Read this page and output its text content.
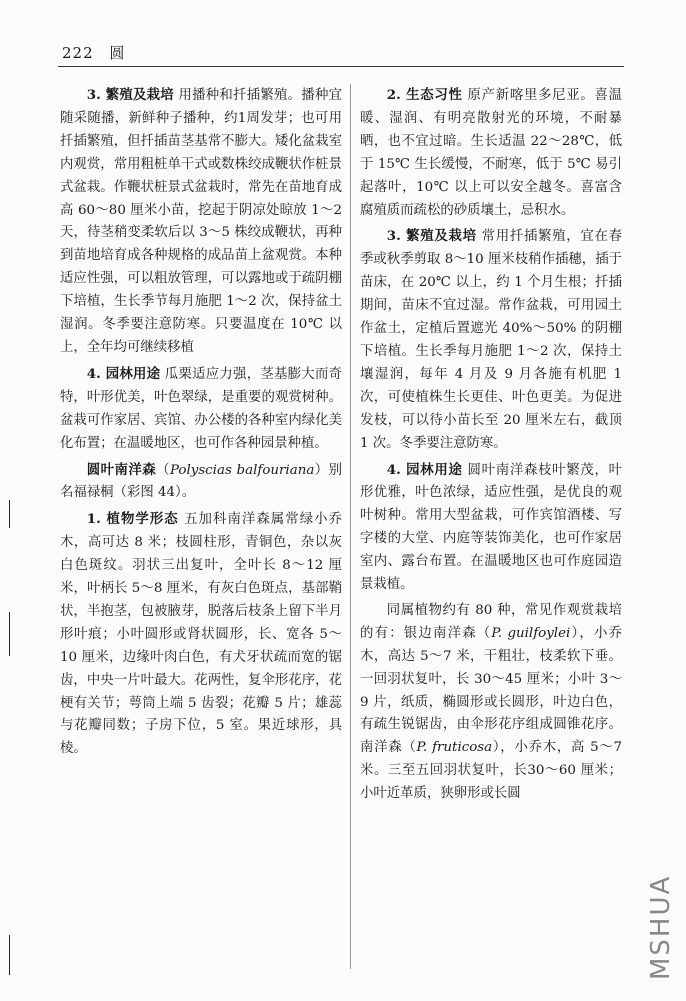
222 圆

3. 繁殖及栽培 用播种和扦插繁殖。播种宜随采随播，新鲜种子播种，约1周发芽；也可用扦插繁殖，但扦插苗茎基常不膨大。矮化盆栽室内观赏，常用粗桩单干式或数株绞成鞭状作桩景式盆栽。作鞭状桩景式盆栽时，常先在苗地育成高 60～80 厘米小苗，挖起于阴凉处晾放 1～2 天，待茎稍变柔软后以 3～5 株绞成鞭状，再种到苗地培育成各种规格的成品苗上盆观赏。本种适应性强，可以粗放管理，可以露地或于疏阴棚下培植，生长季节每月施肥 1～2 次，保持盆土湿润。冬季要注意防寒。只要温度在 10℃ 以上，全年均可继续移植

4. 园林用途 瓜栗适应力强，茎基膨大而奇特，叶形优美，叶色翠绿，是重要的观赏树种。盆栽可作家居、宾馆、办公楼的各种室内绿化美化布置；在温暖地区，也可作各种园景种植。

圆叶南洋森（Polyscias balfouriana）别名福禄桐（彩图 44）。

1. 植物学形态 五加科南洋森属常绿小乔木，高可达 8 米；枝圆柱形，青铜色，杂以灰白色斑纹。羽状三出复叶，全叶长 8～12 厘米，叶柄长 5～8 厘米，有灰白色斑点，基部鞘状，半抱茎，包被腋芽，脱落后枝条上留下半月形叶痕；小叶圆形或肾状圆形，长、宽各 5～10 厘米，边缘叶肉白色，有犬牙状疏而宽的锯齿，中央一片叶最大。花两性，复伞形花序，花梗有关节；萼筒上端 5 齿裂；花瓣 5 片；雄蕊与花瓣同数；子房下位，5 室。果近球形，具棱。

2. 生态习性 原产新喀里多尼亚。喜温暖、湿润、有明亮散射光的环境，不耐暴晒，也不宜过暗。生长适温 22～28℃，低于 15℃ 生长缓慢，不耐寒，低于 5℃ 易引起落叶，10℃ 以上可以安全越冬。喜富含腐殖质而疏松的砂质壤土，忌积水。

3. 繁殖及栽培 常用扦插繁殖，宜在春季或秋季剪取 8～10 厘米枝稍作插穗，插于苗床，在 20℃ 以上，约 1 个月生根；扦插期间，苗床不宜过湿。常作盆栽，可用园土作盆土，定植后置遮光 40%～50% 的阴棚下培植。生长季每月施肥 1～2 次，保持土壤湿润，每年 4 月及 9 月各施有机肥 1 次，可使植株生长更佳、叶色更美。为促进发枝，可以待小苗长至 20 厘米左右，截顶 1 次。冬季要注意防寒。

4. 园林用途 圆叶南洋森枝叶繁茂，叶形优雅，叶色浓绿，适应性强，是优良的观叶树种。常用大型盆栽，可作宾馆酒楼、写字楼的大堂、内庭等装饰美化，也可作家居室内、露台布置。在温暖地区也可作庭园造景栽植。

同属植物约有 80 种，常见作观赏栽培的有：银边南洋森（P. guilfoylei），小乔木，高达 5～7 米，干粗壮，枝柔软下垂。一回羽状复叶，长 30～45 厘米；小叶 3～9 片，纸质，椭圆形或长圆形，叶边白色，有疏生锐锯齿，由伞形花序组成圆锥花序。南洋森（P. fruticosa），小乔木，高 5～7 米。三至五回羽状复叶，长30～60 厘米；小叶近革质，狭卵形或长圆

MSHUA
